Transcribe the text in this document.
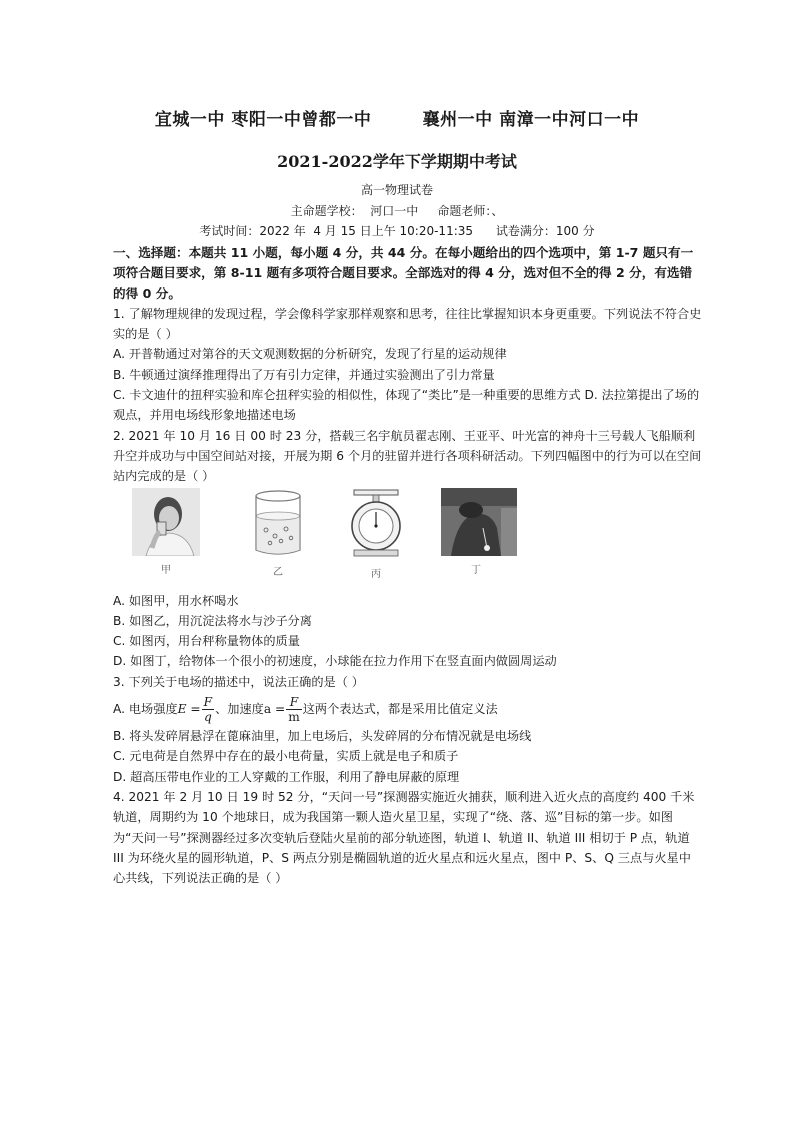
宜城一中 枣阳一中曾都一中        襄州一中 南漳一中河口一中
2021-2022学年下学期期中考试
高一物理试卷
主命题学校：  河口一中     命题老师：、
考试时间：2022 年  4 月 15 日上午 10:20-11:35      试卷满分：100 分

一、选择题：本题共 11 小题，每小题 4 分，共 44 分。在每小题给出的四个选项中，第 1-7 题只有一项符合题目要求，第 8-11 题有多项符合题目要求。全部选对的得 4 分，选对但不全的得 2 分，有选错的得 0 分。

1. 了解物理规律的发现过程，学会像科学家那样观察和思考，往往比掌握知识本身更重要。下列说法不符合史实的是（ ）

A. 开普勒通过对第谷的天文观测数据的分析研究，发现了行星的运动规律

B. 牛顿通过演绎推理得出了万有引力定律，并通过实验测出了引力常量

C. 卡文迪什的扭秤实验和库仑扭秤实验的相似性，体现了“类比”是一种重要的思维方式 D. 法拉第提出了场的观点，并用电场线形象地描述电场

2. 2021 年 10 月 16 日 00 时 23 分，搭载三名宇航员翟志刚、王亚平、叶光富的神舟十三号载人飞船顺利升空并成功与中国空间站对接，开展为期 6 个月的驻留并进行各项科研活动。下列四幅图中的行为可以在空间站内完成的是（ ）

甲	乙	丙	丁

A. 如图甲，用水杯喝水

B. 如图乙，用沉淀法将水与沙子分离

C. 如图丙，用台秤称量物体的质量

D. 如图丁，给物体一个很小的初速度，小球能在拉力作用下在竖直面内做圆周运动

3. 下列关于电场的描述中，说法正确的是（ ）

A. 电场强度$E = \frac{F}{q}$ 、加速度$a = \frac{F}{m}$ 这两个表达式，都是采用比值定义法

B. 将头发碎屑悬浮在蓖麻油里，加上电场后，头发碎屑的分布情况就是电场线

C. 元电荷是自然界中存在的最小电荷量，实质上就是电子和质子

D. 超高压带电作业的工人穿戴的工作服，利用了静电屏蔽的原理

4. 2021 年 2 月 10 日 19 时 52 分，“天问一号”探测器实施近火捕获，顺利进入近火点的高度约 400 千米轨道，周期约为 10 个地球日，成为我国第一颗人造火星卫星，实现了“绕、落、巡”目标的第一步。如图为“天问一号”探测器经过多次变轨后登陆火星前的部分轨迹图，轨道 I、轨道 II、轨道 III 相切于 P 点，轨道 III 为环绕火星的圆形轨道，P、S 两点分别是椭圆轨道的近火星点和远火星点，图中 P、S、Q 三点与火星中心共线，下列说法正确的是（ ）
